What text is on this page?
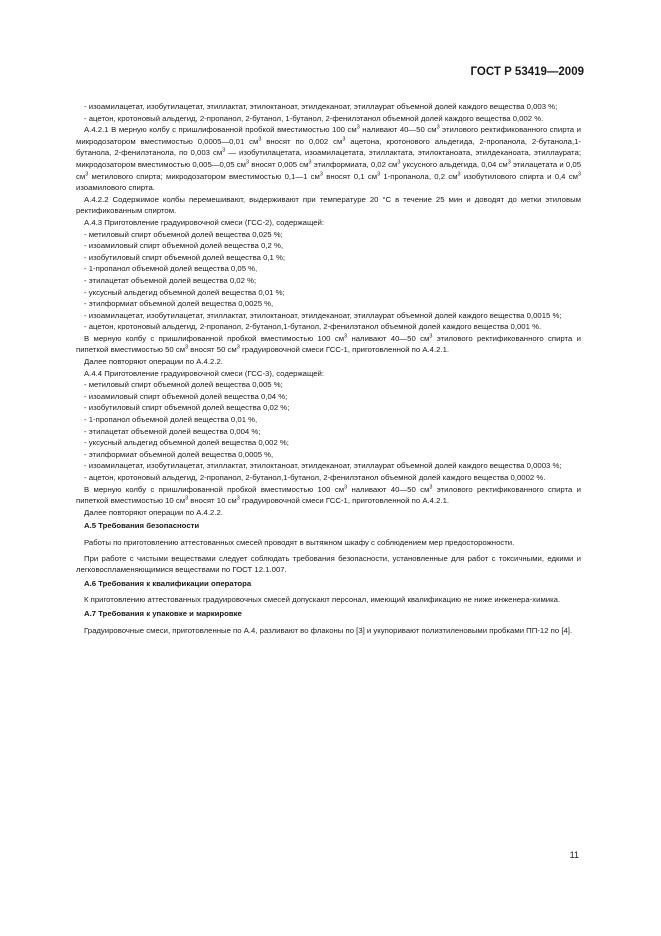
ГОСТ Р 53419—2009

- изоамилацетат, изобутилацетат, этиллактат, этилоктаноат, этилдеканоат, этиллаурат объемной долей каждого вещества 0,003 %;

- ацетон, кротоновый альдегид, 2-пропанол, 2-бутанол, 1-бутанол, 2-фенилэтанол объемной долей каждого вещества 0,002 %.

А.4.2.1 В мерную колбу с пришлифованной пробкой вместимостью 100 $см^3$ наливают 40—50 $см^3$ этилового ректификованного спирта и микродозатором вместимостью 0,0005—0,01 $см^3$ вносят по 0,002 $см^3$ ацетона, кротонового альдегида, 2-пропанола, 2-бутанола,1-бутанола, 2-фенилэтанола, по 0,003 $см^3$ — изобутилацетата, изоамилацетата, этиллактата, этилоктаноата, этилдеканоата, этиллаурата; микродозатором вместимостью 0,005—0,05 $см^3$ вносят 0,005 $см^3$ этилформиата, 0,02 $см^3$ уксусного альдегида, 0,04 $см^3$ этилацетата и 0,05 $см^3$ метилового спирта; микродозатором вместимостью 0,1—1 $см^3$ вносят 0,1 $см^3$ 1-пропанола, 0,2 $см^3$ изобутилового спирта и 0,4 $см^3$ изоамилового спирта.

А.4.2.2 Содержимое колбы перемешивают, выдерживают при температуре 20 °С в течение 25 мин и доводят до метки этиловым ректификованным спиртом.

А.4.3 Приготовление градуировочной смеси (ГСС-2), содержащей:

- метиловый спирт объемной долей вещества 0,025 %;

- изоамиловый спирт объемной долей вещества 0,2 %,

- изобутиловый спирт объемной долей вещества 0,1 %;

- 1-пропанол объемной долей вещества 0,05 %,

- этилацетат объемной долей вещества 0,02 %;

- уксусный альдегид объемной долей вещества 0,01 %;

- этилформиат объемной долей вещества 0,0025 %,

- изоамилацетат, изобутилацетат, этиллактат, этилоктаноат, этилдеканоат, этиллаурат объемной долей каждого вещества 0,0015 %;

- ацетон, кротоновый альдегид, 2-пропанол, 2-бутанол,1-бутанол, 2-фенилэтанол объемной долей каждого вещества 0,001 %.

В мерную колбу с пришлифованной пробкой вместимостью 100 $см^3$ наливают 40—50 $см^3$ этилового ректификованного спирта и пипеткой вместимостью 50 $см^3$ вносят 50 $см^3$ градуировочной смеси ГСС-1, приготовленной по А.4.2.1.

Далее повторяют операции по А.4.2.2.

А.4.4 Приготовление градуировочной смеси (ГСС-3), содержащей:

- метиловый спирт объемной долей вещества 0,005 %;

- изоамиловый спирт объемной долей вещества 0,04 %;

- изобутиловый спирт объемной долей вещества 0,02 %;

- 1-пропанол объемной долей вещества 0,01 %,

- этилацетат объемной долей вещества 0,004 %;

- уксусный альдегид объемной долей вещества 0,002 %;

- этилформиат объемной долей вещества 0,0005 %,

- изоамилацетат, изобутилацетат, этиллактат, этилоктаноат, этилдеканоат, этиллаурат объемной долей каждого вещества 0,0003 %;

- ацетон, кротоновый альдегид, 2-пропанол, 2-бутанол,1-бутанол, 2-фенилэтанол объемной долей каждого вещества 0,0002 %.

В мерную колбу с пришлифованной пробкой вместимостью 100 $см^3$ наливают 40—50 $см^3$ этилового ректификованного спирта и пипеткой вместимостью 10 $см^3$ вносят 10 $см^3$ градуировочной смеси ГСС-1, приготовленной по А.4.2.1.

Далее повторяют операции по А.4.2.2.

А.5 Требования безопасности

Работы по приготовлению аттестованных смесей проводят в вытяжном шкафу с соблюдением мер предосторожности.

При работе с чистыми веществами следует соблюдать требования безопасности, установленные для работ с токсичными, едкими и легковоспламеняющимися веществами по ГОСТ 12.1.007.

А.6 Требования к квалификации оператора

К приготовлению аттестованных градуировочных смесей допускают персонал, имеющий квалификацию не ниже инженера-химика.

А.7 Требования к упаковке и маркировке

Градуировочные смеси, приготовленные по А.4, разливают во флаконы по [3] и укупоривают полиэтиленовыми пробками ПП-12 по [4].

11
